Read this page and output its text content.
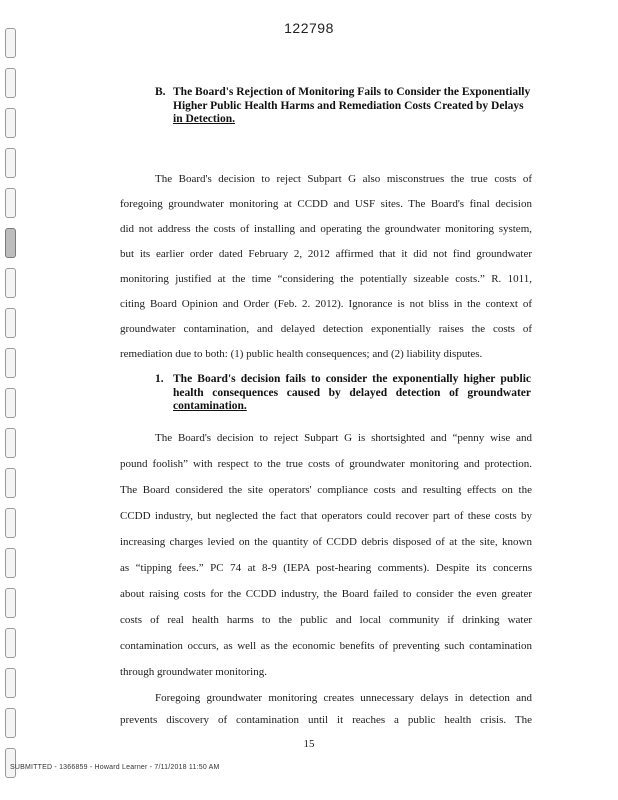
122798
B. The Board's Rejection of Monitoring Fails to Consider the Exponentially
Higher Public Health Harms and Remediation Costs Created by Delays
in Detection.
The Board's decision to reject Subpart G also misconstrues the true costs of
foregoing groundwater monitoring at CCDD and USF sites. The Board's final decision
did not address the costs of installing and operating the groundwater monitoring system,
but its earlier order dated February 2, 2012 affirmed that it did not find groundwater
monitoring justified at the time “considering the potentially sizeable costs.” R. 1011,
citing Board Opinion and Order (Feb. 2. 2012). Ignorance is not bliss in the context of
groundwater contamination, and delayed detection exponentially raises the costs of
remediation due to both: (1) public health consequences; and (2) liability disputes.
1. The Board's decision fails to consider the exponentially higher public
health consequences caused by delayed detection of groundwater
contamination.
The Board's decision to reject Subpart G is shortsighted and “penny wise and
pound foolish” with respect to the true costs of groundwater monitoring and protection.
The Board considered the site operators' compliance costs and resulting effects on the
CCDD industry, but neglected the fact that operators could recover part of these costs by
increasing charges levied on the quantity of CCDD debris disposed of at the site, known
as “tipping fees.” PC 74 at 8-9 (IEPA post-hearing comments). Despite its concerns
about raising costs for the CCDD industry, the Board failed to consider the even greater
costs of real health harms to the public and local community if drinking water
contamination occurs, as well as the economic benefits of preventing such contamination
through groundwater monitoring.
Foregoing groundwater monitoring creates unnecessary delays in detection and
15
SUBMITTED - 1366859 - Howard Learner - 7/11/2018 11:50 AM
prevents discovery of contamination until it reaches a public health crisis. The
